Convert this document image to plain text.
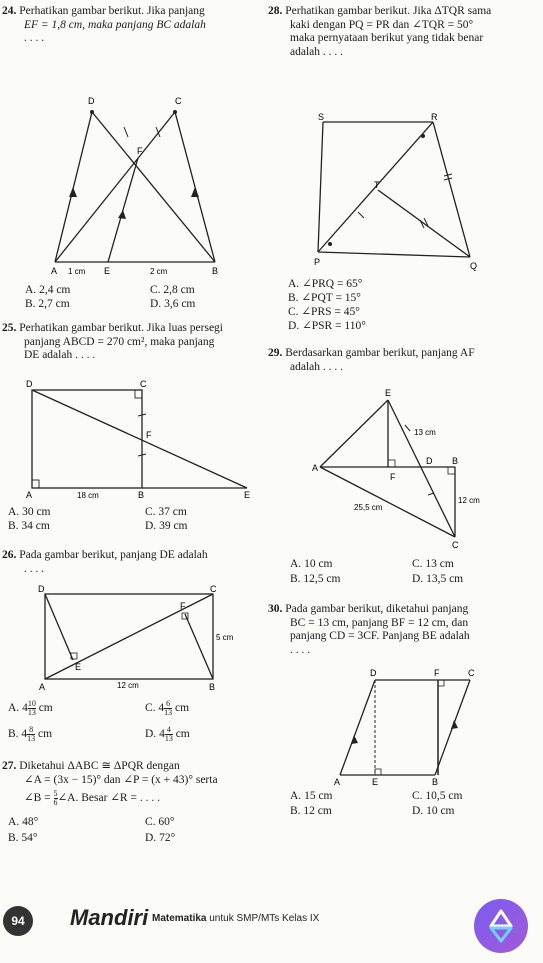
24. Perhatikan gambar berikut. Jika panjang
EF = 1,8 cm, maka panjang BC adalah
. . . .
D	C
F
A	E	B
1 cm	2 cm
A. 2,4 cm	C. 2,8 cm
B. 2,7 cm	D. 3,6 cm
25. Perhatikan gambar berikut. Jika luas persegi
panjang ABCD = 270 cm², maka panjang
DE adalah . . . .
D	C
F
A	B	E
18 cm
A. 30 cm	C. 37 cm
B. 34 cm	D. 39 cm
26. Pada gambar berikut, panjang DE adalah
. . . .
D	C
F
E
A	B
12 cm
5 cm
A. $4 \frac{10}{13}$ cm	C. $4 \frac{6}{13}$ cm
B. $4 \frac{8}{13}$ cm	D. $4 \frac{4}{13}$ cm
27. Diketahui ΔABC ≅ ΔPQR dengan
∠A = (3x − 15)° dan ∠P = (x + 43)° serta
∠B = $\frac{5}{6}$ ∠A. Besar ∠R = . . . .
A. 48°	C. 60°
B. 54°	D. 72°
28. Perhatikan gambar berikut. Jika ΔTQR sama
kaki dengan PQ = PR dan ∠TQR = 50°
maka pernyataan berikut yang tidak benar
adalah . . . .
S	R
T
P	Q
A. ∠PRQ = 65°
B. ∠PQT = 15°
C. ∠PRS = 45°
D. ∠PSR = 110°
29. Berdasarkan gambar berikut, panjang AF
adalah . . . .
E
A
D B
F
C
13 cm
12 cm
25,5 cm
A. 10 cm	C. 13 cm
B. 12,5 cm	D. 13,5 cm
30. Pada gambar berikut, diketahui panjang
BC = 13 cm, panjang BF = 12 cm, dan
panjang CD = 3CF. Panjang BE adalah
. . . .
D	F	C
A	E	B
A. 15 cm	C. 10,5 cm
B. 12 cm	D. 10 cm
94	Mandiri Matematika untuk SMP/MTs Kelas IX
